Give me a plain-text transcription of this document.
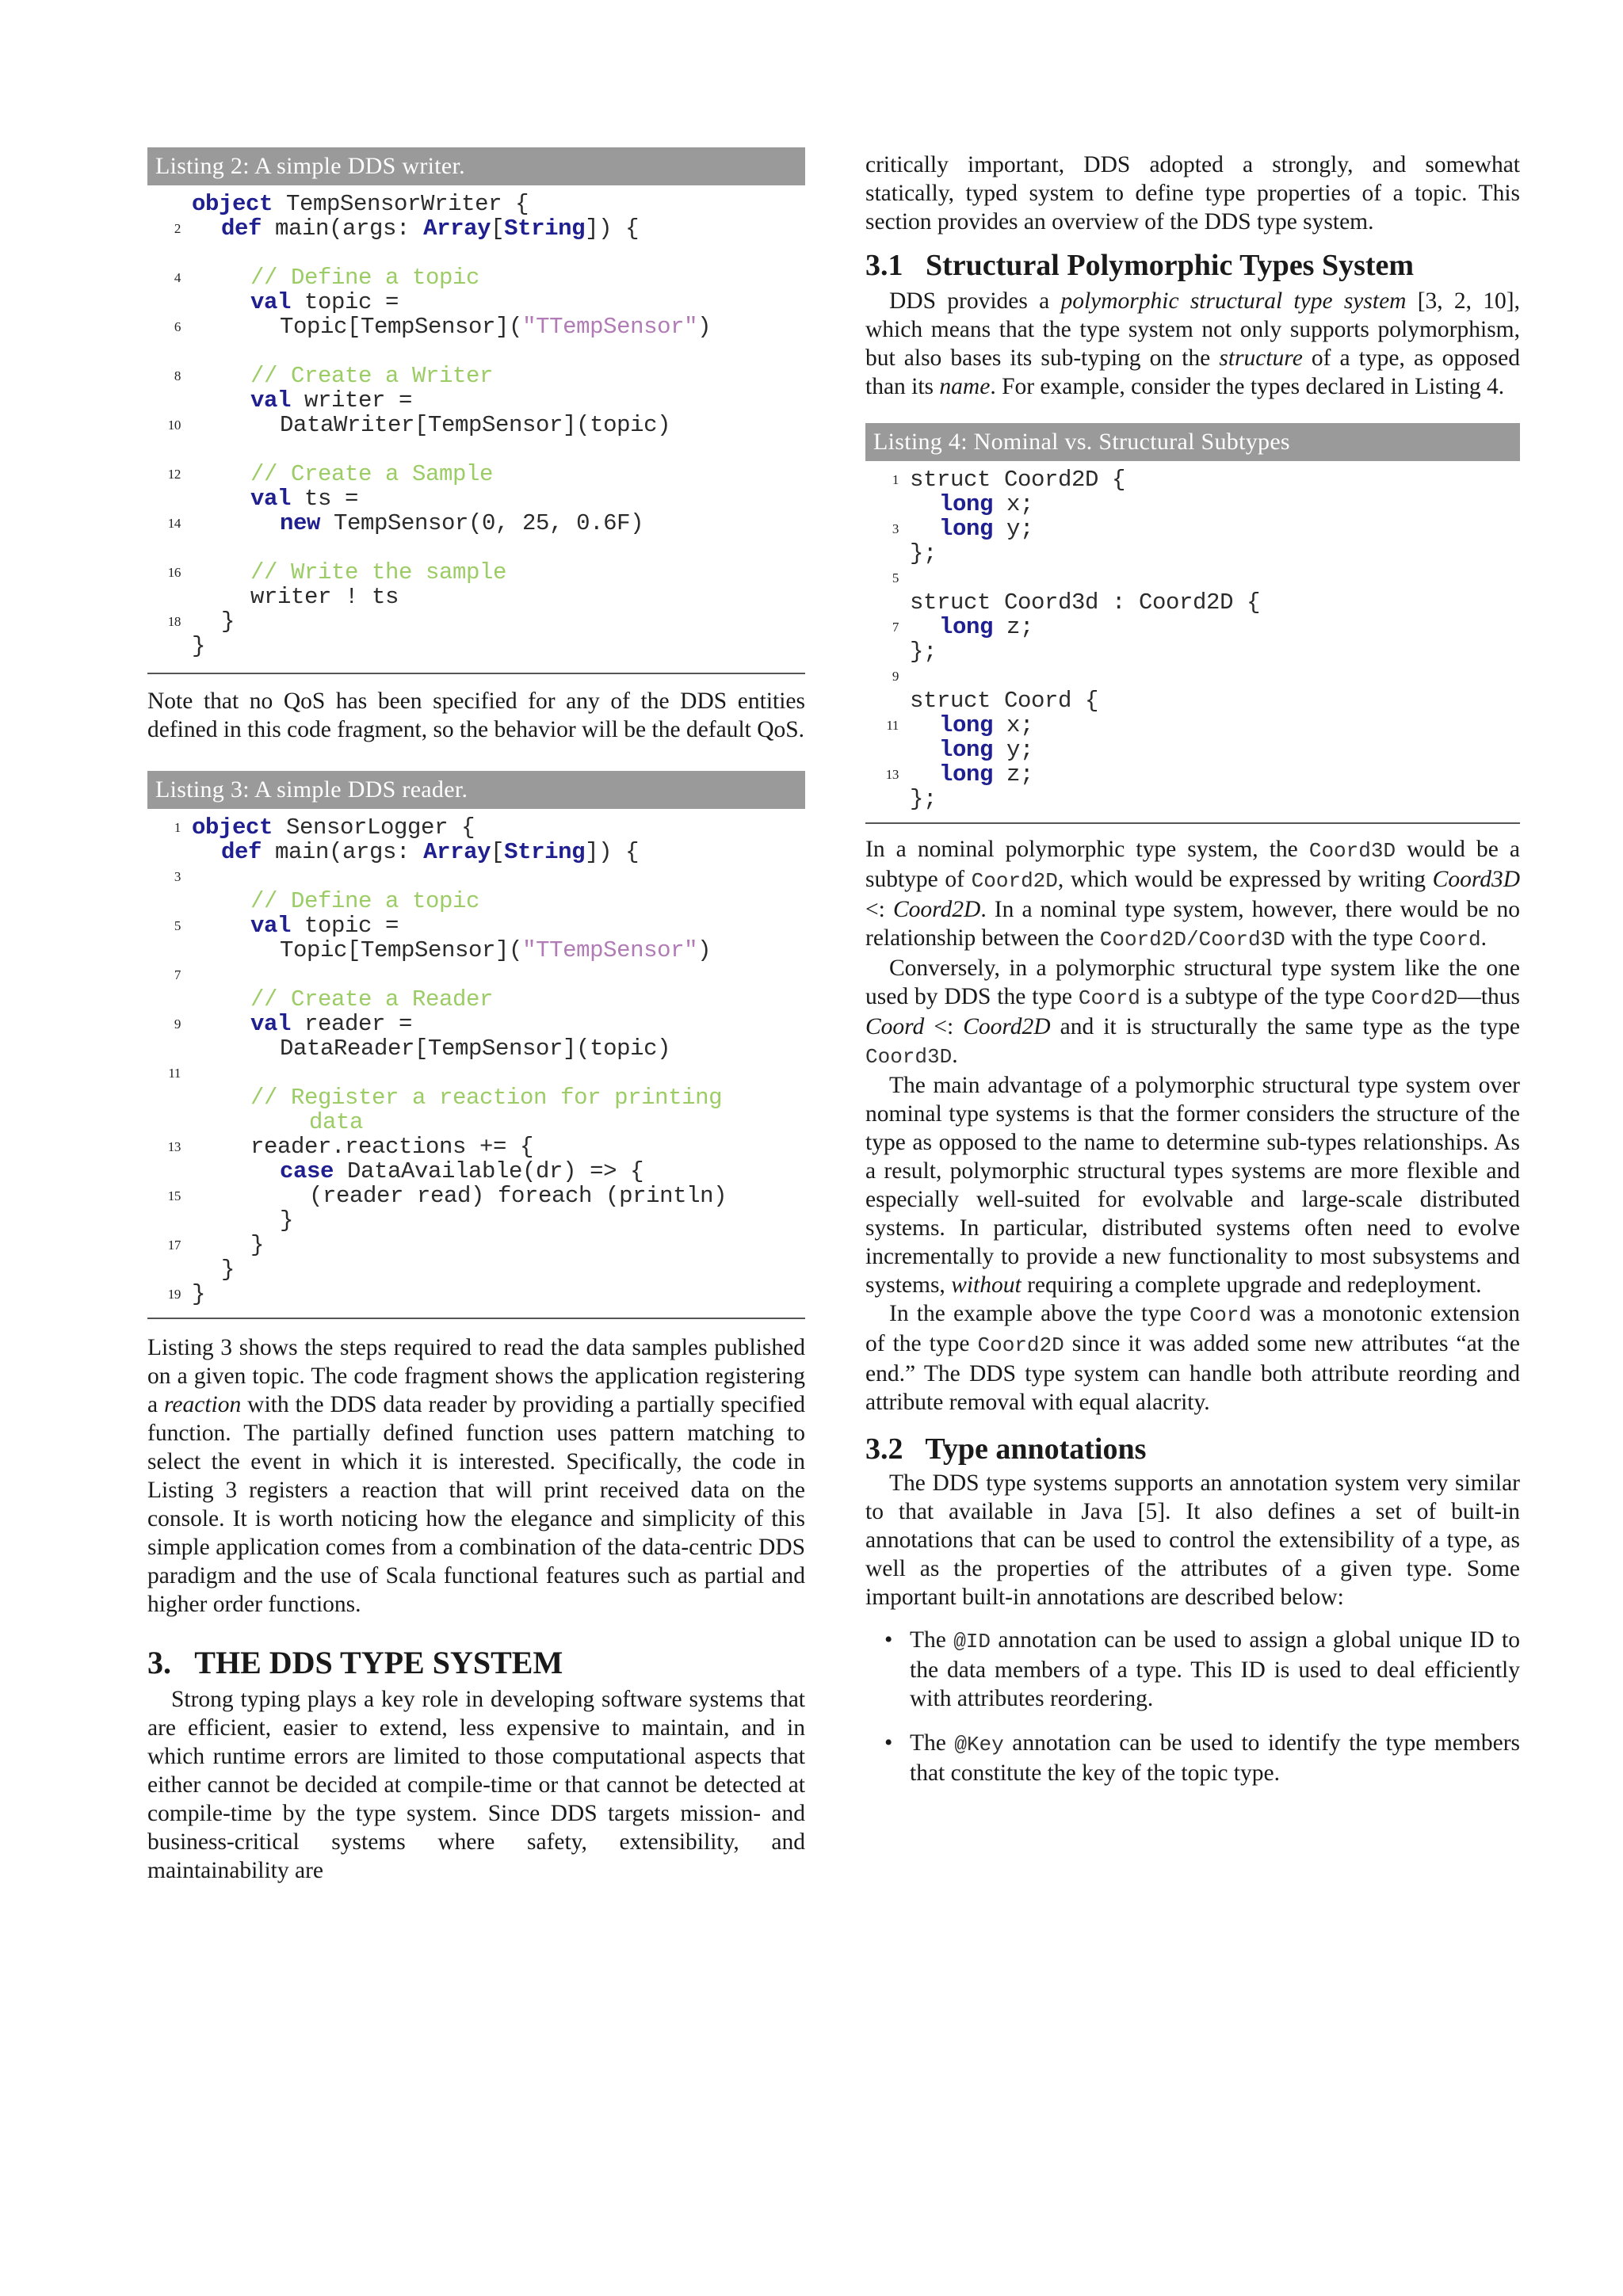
Listing 2: A simple DDS writer.
object TempSensorWriter {
2 def main(args: Array[String]) {
4	// Define a topic
val topic =
6	Topic[TempSensor]("TTempSensor")
8	// Create a Writer
val writer =
10	DataWriter[TempSensor](topic)
12	// Create a Sample
val ts =
14	new TempSensor(0, 25, 0.6F)
16	// Write the sample
writer ! ts
18 }
}

Note that no QoS has been specified for any of the DDS entities defined in this code fragment, so the behavior will be the default QoS.

Listing 3: A simple DDS reader.
1 object SensorLogger {
def main(args: Array[String]) {
3
// Define a topic
5	val topic =
Topic[TempSensor]("TTempSensor")
7
// Create a Reader
9	val reader =
DataReader[TempSensor](topic)
11
// Register a reaction for printing
data
13	reader.reactions += {
case DataAvailable(dr) => {
15	(reader read) foreach (println)
}
17	}
}
19 }

Listing 3 shows the steps required to read the data samples published on a given topic. The code fragment shows the application registering a reaction with the DDS data reader by providing a partially specified function. The partially defined function uses pattern matching to select the event in which it is interested. Specifically, the code in Listing 3 registers a reaction that will print received data on the console. It is worth noticing how the elegance and simplicity of this simple application comes from a combination of the data-centric DDS paradigm and the use of Scala functional features such as partial and higher order functions.

3.   THE DDS TYPE SYSTEM

Strong typing plays a key role in developing software systems that are efficient, easier to extend, less expensive to maintain, and in which runtime errors are limited to those computational aspects that either cannot be decided at compile-time or that cannot be detected at compile-time by the type system. Since DDS targets mission- and business-critical systems where safety, extensibility, and maintainability are

critically important, DDS adopted a strongly, and somewhat statically, typed system to define type properties of a topic. This section provides an overview of the DDS type system.

3.1   Structural Polymorphic Types System

DDS provides a polymorphic structural type system [3, 2, 10], which means that the type system not only supports polymorphism, but also bases its sub-typing on the structure of a type, as opposed than its name. For example, consider the types declared in Listing 4.

Listing 4: Nominal vs. Structural Subtypes
1 struct Coord2D {
long x;
3 long y;
};
5
struct Coord3d : Coord2D {
7 long z;
};
9
struct Coord {
11 long x;
long y;
13 long z;
};

In a nominal polymorphic type system, the Coord3D would be a subtype of Coord2D, which would be expressed by writing Coord3D <: Coord2D. In a nominal type system, however, there would be no relationship between the Coord2D/Coord3D with the type Coord.

Conversely, in a polymorphic structural type system like the one used by DDS the type Coord is a subtype of the type Coord2D—thus Coord <: Coord2D and it is structurally the same type as the type Coord3D.

The main advantage of a polymorphic structural type system over nominal type systems is that the former considers the structure of the type as opposed to the name to determine sub-types relationships. As a result, polymorphic structural types systems are more flexible and especially well-suited for evolvable and large-scale distributed systems. In particular, distributed systems often need to evolve incrementally to provide a new functionality to most subsystems and systems, without requiring a complete upgrade and redeployment.

In the example above the type Coord was a monotonic extension of the type Coord2D since it was added some new attributes “at the end.” The DDS type system can handle both attribute reording and attribute removal with equal alacrity.

3.2   Type annotations

The DDS type systems supports an annotation system very similar to that available in Java [5]. It also defines a set of built-in annotations that can be used to control the extensibility of a type, as well as the properties of the attributes of a given type. Some important built-in annotations are described below:

• The @ID annotation can be used to assign a global unique ID to the data members of a type. This ID is used to deal efficiently with attributes reordering.
• The @Key annotation can be used to identify the type members that constitute the key of the topic type.
